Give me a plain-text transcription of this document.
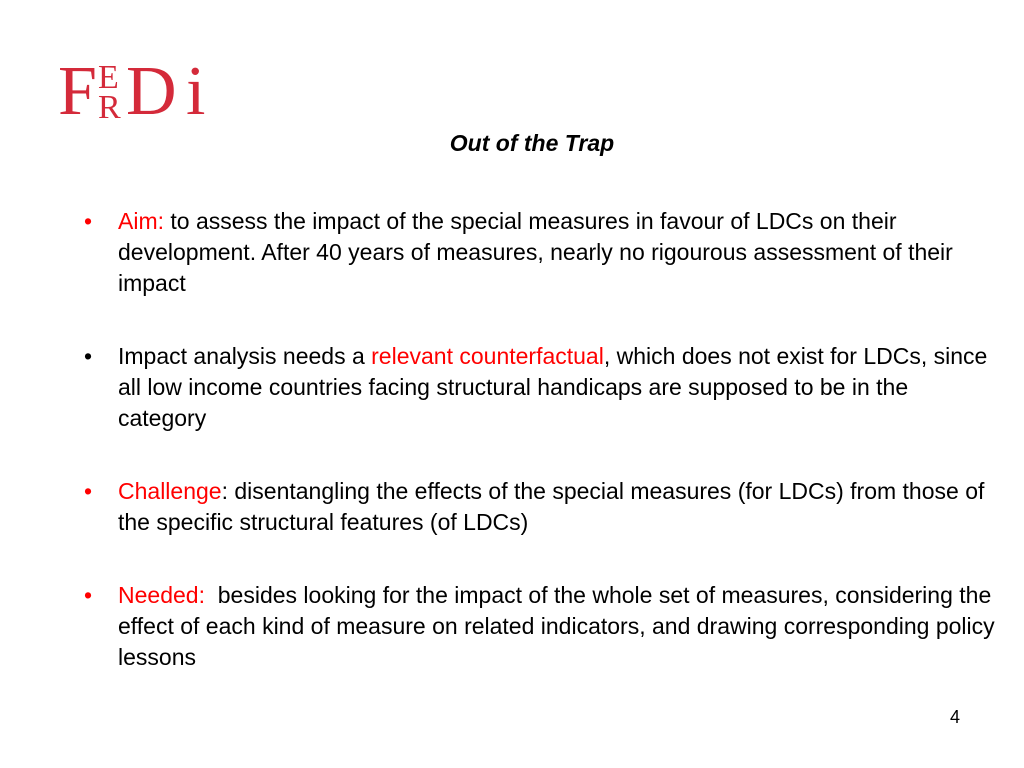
F E
R D i
Out of the Trap
• Aim: to assess the impact of the special measures in favour of LDCs on their development. After 40 years of measures, nearly no rigourous assessment of their impact
• Impact analysis needs a relevant counterfactual, which does not exist for LDCs, since all low income countries facing structural handicaps are supposed to be in the category
• Challenge: disentangling the effects of the special measures (for LDCs) from those of the specific structural features (of LDCs)
• Needed:  besides looking for the impact of the whole set of measures, considering the effect of each kind of measure on related indicators, and drawing corresponding policy lessons
4
